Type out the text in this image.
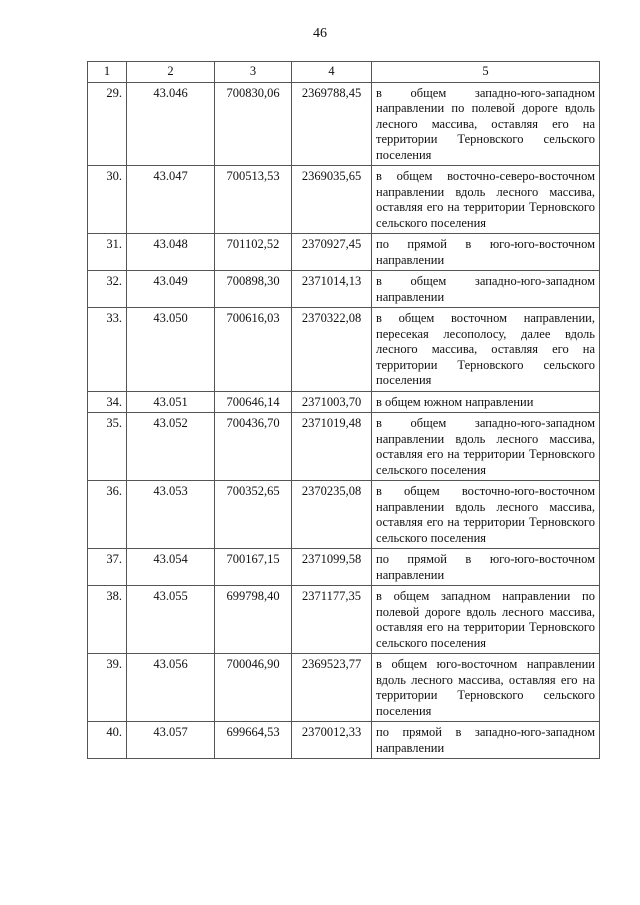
46
1	2	3	4	5
29.	43.046	700830,06	2369788,45	в общем западно-юго-западном направлении по полевой дороге вдоль лесного массива, оставляя его на территории Терновского сельского поселения
30.	43.047	700513,53	2369035,65	в общем восточно-северо-восточном направлении вдоль лесного массива, оставляя его на территории Терновского сельского поселения
31.	43.048	701102,52	2370927,45	по прямой в юго-юго-восточном направлении
32.	43.049	700898,30	2371014,13	в общем западно-юго-западном направлении
33.	43.050	700616,03	2370322,08	в общем восточном направлении, пересекая лесополосу, далее вдоль лесного массива, оставляя его на территории Терновского сельского поселения
34.	43.051	700646,14	2371003,70	в общем южном направлении
35.	43.052	700436,70	2371019,48	в общем западно-юго-западном направлении вдоль лесного массива, оставляя его на территории Терновского сельского поселения
36.	43.053	700352,65	2370235,08	в общем восточно-юго-восточном направлении вдоль лесного массива, оставляя его на территории Терновского сельского поселения
37.	43.054	700167,15	2371099,58	по прямой в юго-юго-восточном направлении
38.	43.055	699798,40	2371177,35	в общем западном направлении по полевой дороге вдоль лесного массива, оставляя его на территории Терновского сельского поселения
39.	43.056	700046,90	2369523,77	в общем юго-восточном направлении вдоль лесного массива, оставляя его на территории Терновского сельского поселения
40.	43.057	699664,53	2370012,33	по прямой в западно-юго-западном направлении
